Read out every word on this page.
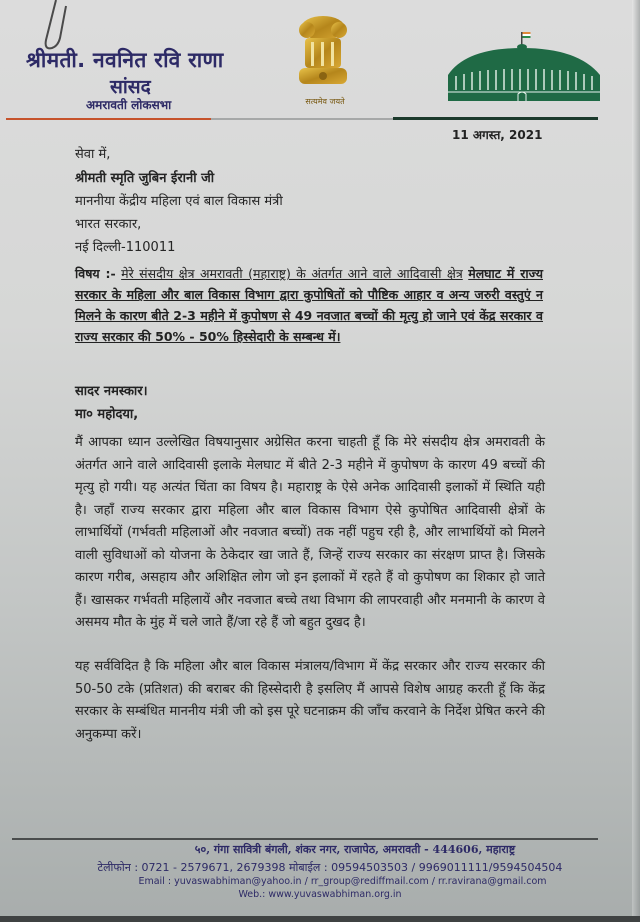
श्रीमती. नवनित रवि राणा
सांसद
अमरावती लोकसभा	सत्यमेव जयते
11 अगस्त, 2021
सेवा में,
श्रीमती स्मृति जुबिन ईरानी जी
माननीया केंद्रीय महिला एवं बाल विकास मंत्री
भारत सरकार,
नई दिल्ली-110011
विषय :- मेरे संसदीय क्षेत्र अमरावती (महाराष्ट्र) के अंतर्गत आने वाले आदिवासी क्षेत्र मेलघाट में राज्य सरकार के महिला और बाल विकास विभाग द्वारा कुपोषितों को पौष्टिक आहार व अन्य जरुरी वस्तुएं न मिलने के कारण बीते 2-3 महीने में कुपोषण से 49 नवजात बच्चों की मृत्यु हो जाने एवं केंद्र सरकार व राज्य सरकार की 50% - 50% हिस्सेदारी के सम्बन्ध में।
सादर नमस्कार।
मा० महोदया,
मैं आपका ध्यान उल्लेखित विषयानुसार अग्रेसित करना चाहती हूँ कि मेरे संसदीय क्षेत्र अमरावती के अंतर्गत आने वाले आदिवासी इलाके मेलघाट में बीते 2-3 महीने में कुपोषण के कारण 49 बच्चों की मृत्यु हो गयी। यह अत्यंत चिंता का विषय है। महाराष्ट्र के ऐसे अनेक आदिवासी इलाकों में स्थिति यही है। जहाँ राज्य सरकार द्वारा महिला और बाल विकास विभाग ऐसे कुपोषित आदिवासी क्षेत्रों के लाभार्थियों (गर्भवती महिलाओं और नवजात बच्चों) तक नहीं पहुच रही है, और लाभार्थियों को मिलने वाली सुविधाओं को योजना के ठेकेदार खा जाते हैं, जिन्हें राज्य सरकार का संरक्षण प्राप्त है। जिसके कारण गरीब, असहाय और अशिक्षित लोग जो इन इलाकों में रहते हैं वो कुपोषण का शिकार हो जाते हैं। खासकर गर्भवती महिलायें और नवजात बच्चे तथा विभाग की लापरवाही और मनमानी के कारण वे असमय मौत के मुंह में चले जाते हैं/जा रहे हैं जो बहुत दुखद है।
यह सर्वविदित है कि महिला और बाल विकास मंत्रालय/विभाग में केंद्र सरकार और राज्य सरकार की 50-50 टके (प्रतिशत) की बराबर की हिस्सेदारी है इसलिए मैं आपसे विशेष आग्रह करती हूँ कि केंद्र सरकार के सम्बंधित माननीय मंत्री जी को इस पूरे घटनाक्रम की जाँच करवाने के निर्देश प्रेषित करने की अनुकम्पा करें।
५०, गंगा सावित्री बंगली, शंकर नगर, राजापेठ, अमरावती - 444606, महाराष्ट्र
टेलीफोन : 0721 - 2579671, 2679398 मोबाईल : 09594503503 / 9969011111/9594504504
Email : yuvaswabhiman@yahoo.in / rr_group@rediffmail.com / rr.ravirana@gmail.com
Web.: www.yuvaswabhiman.org.in
